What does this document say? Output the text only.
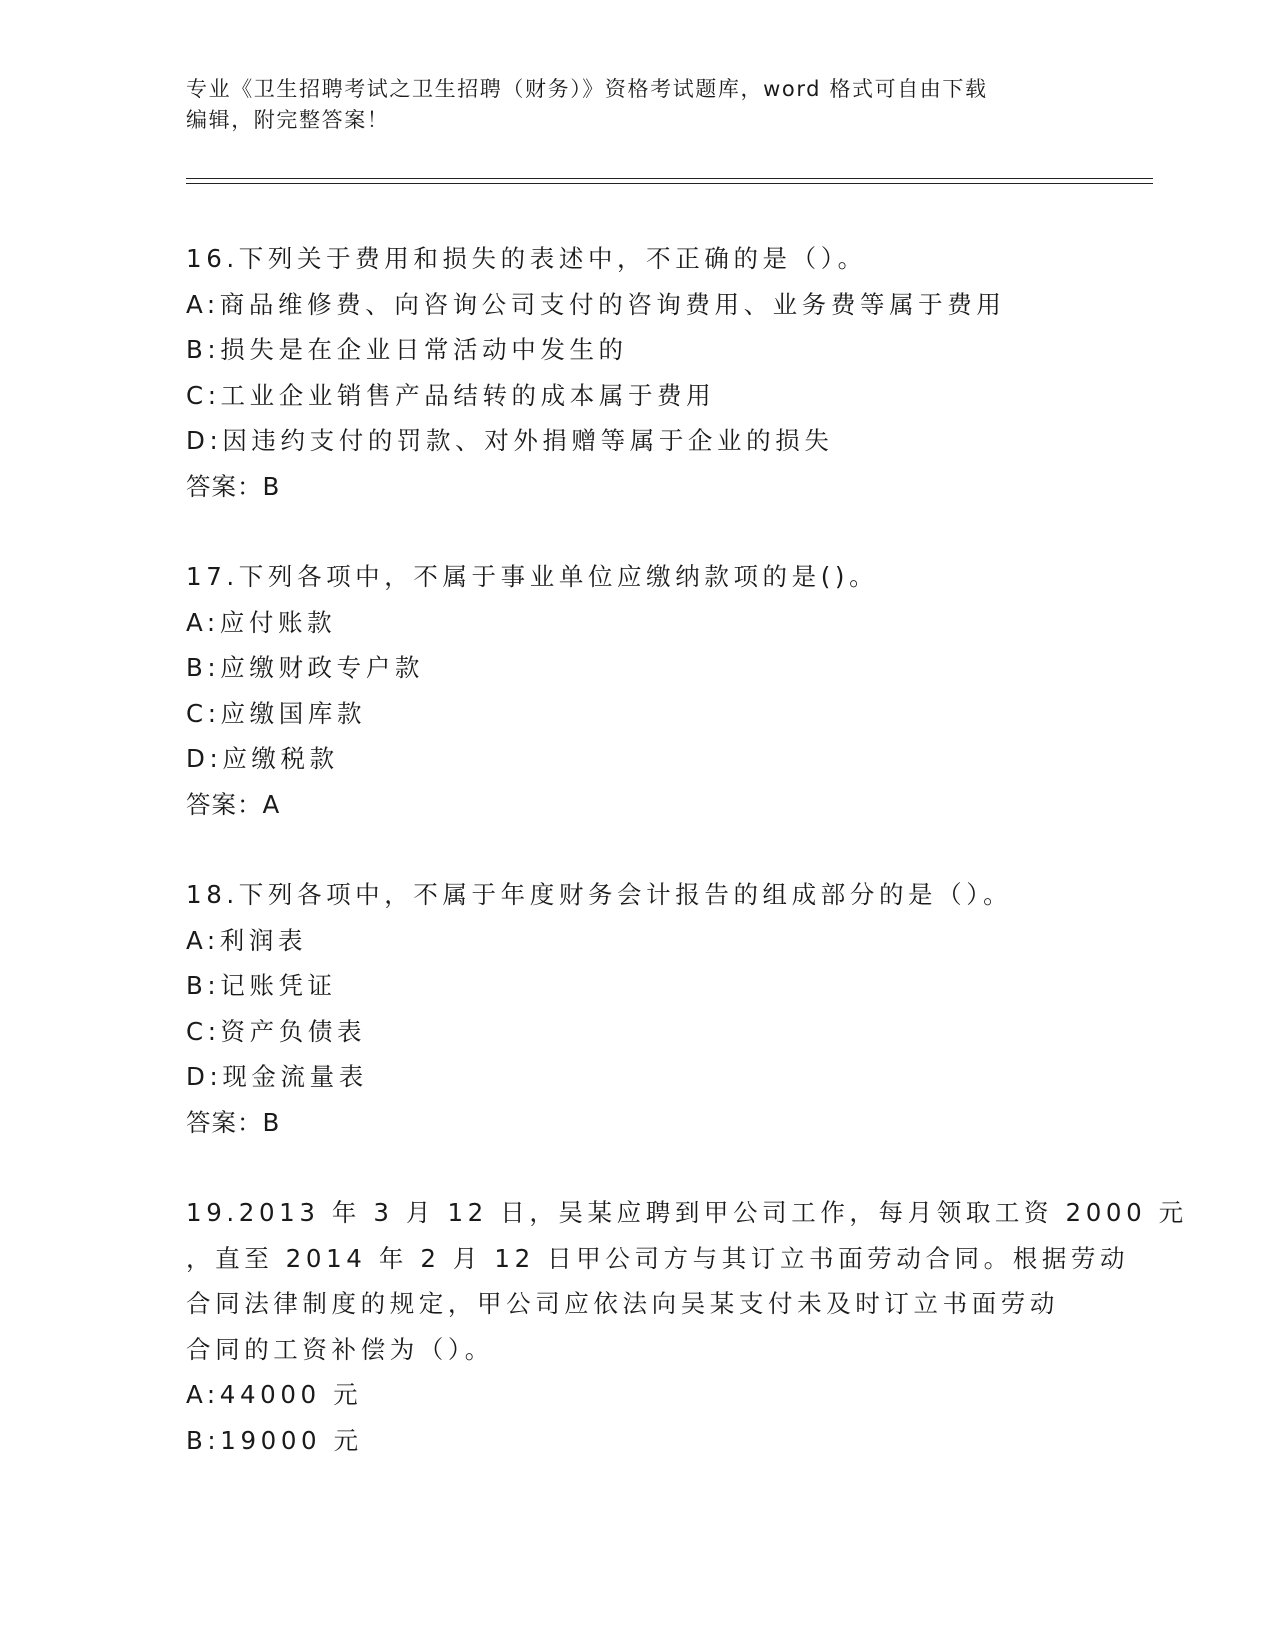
专业《卫生招聘考试之卫生招聘（财务）》资格考试题库，word 格式可自由下载
编辑，附完整答案！
16.下列关于费用和损失的表述中，不正确的是（）。
A:商品维修费、向咨询公司支付的咨询费用、业务费等属于费用
B:损失是在企业日常活动中发生的
C:工业企业销售产品结转的成本属于费用
D:因违约支付的罚款、对外捐赠等属于企业的损失
答案：B
17.下列各项中，不属于事业单位应缴纳款项的是()。
A:应付账款
B:应缴财政专户款
C:应缴国库款
D:应缴税款
答案：A
18.下列各项中，不属于年度财务会计报告的组成部分的是（）。
A:利润表
B:记账凭证
C:资产负债表
D:现金流量表
答案：B
19.2013 年 3 月 12 日，吴某应聘到甲公司工作，每月领取工资 2000 元
，直至 2014 年 2 月 12 日甲公司方与其订立书面劳动合同。根据劳动
合同法律制度的规定，甲公司应依法向吴某支付未及时订立书面劳动
合同的工资补偿为（）。
A:44000 元
B:19000 元
